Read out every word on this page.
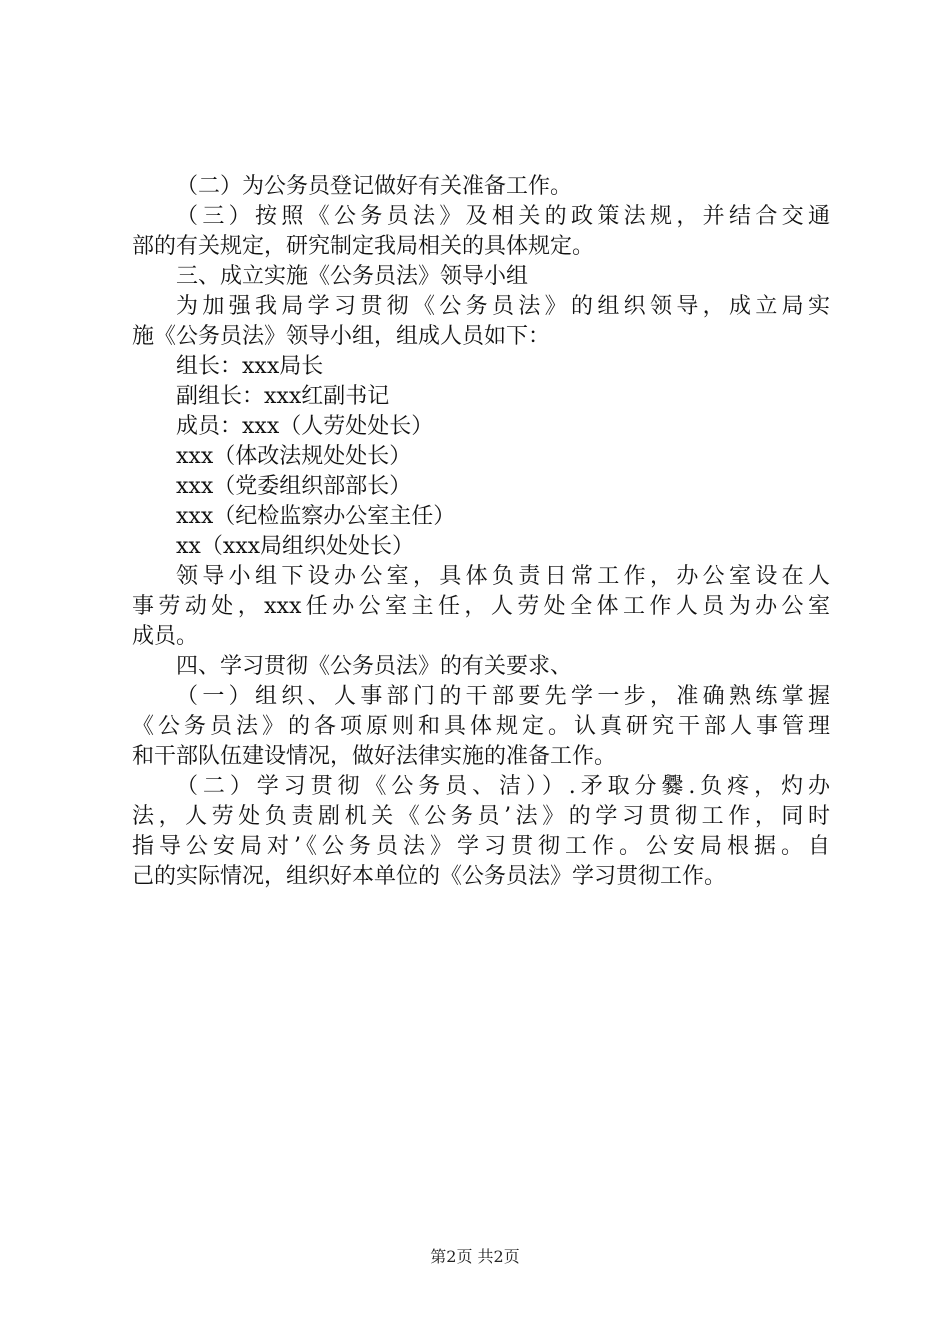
（二）为公务员登记做好有关准备工作。
（三）按照《公务员法》及相关的政策法规，并结合交通
部的有关规定，研究制定我局相关的具体规定。
三、成立实施《公务员法》领导小组
为加强我局学习贯彻《公务员法》的组织领导，成立局实
施《公务员法》领导小组，组成人员如下：
组长：xxx局长
副组长：xxx红副书记
成员：xxx（人劳处处长）
xxx（体改法规处处长）
xxx（党委组织部部长）
xxx（纪检监察办公室主任）
xx（xxx局组织处处长）
领导小组下设办公室，具体负责日常工作，办公室设在人
事劳动处，xxx任办公室主任，人劳处全体工作人员为办公室
成员。
四、学习贯彻《公务员法》的有关要求、
（一）组织、人事部门的干部要先学一步，准确熟练掌握
《公务员法》的各项原则和具体规定。认真研究干部人事管理
和干部队伍建设情况，做好法律实施的准备工作。
（二）学习贯彻《公务员、洁））.矛取分爨.负疼，灼办
法，人劳处负责剧机关《公务员’法》的学习贯彻工作，同时
指导公安局对’《公务员法》学习贯彻工作。公安局根据。自
己的实际情况，组织好本单位的《公务员法》学习贯彻工作。
第2页 共2页
